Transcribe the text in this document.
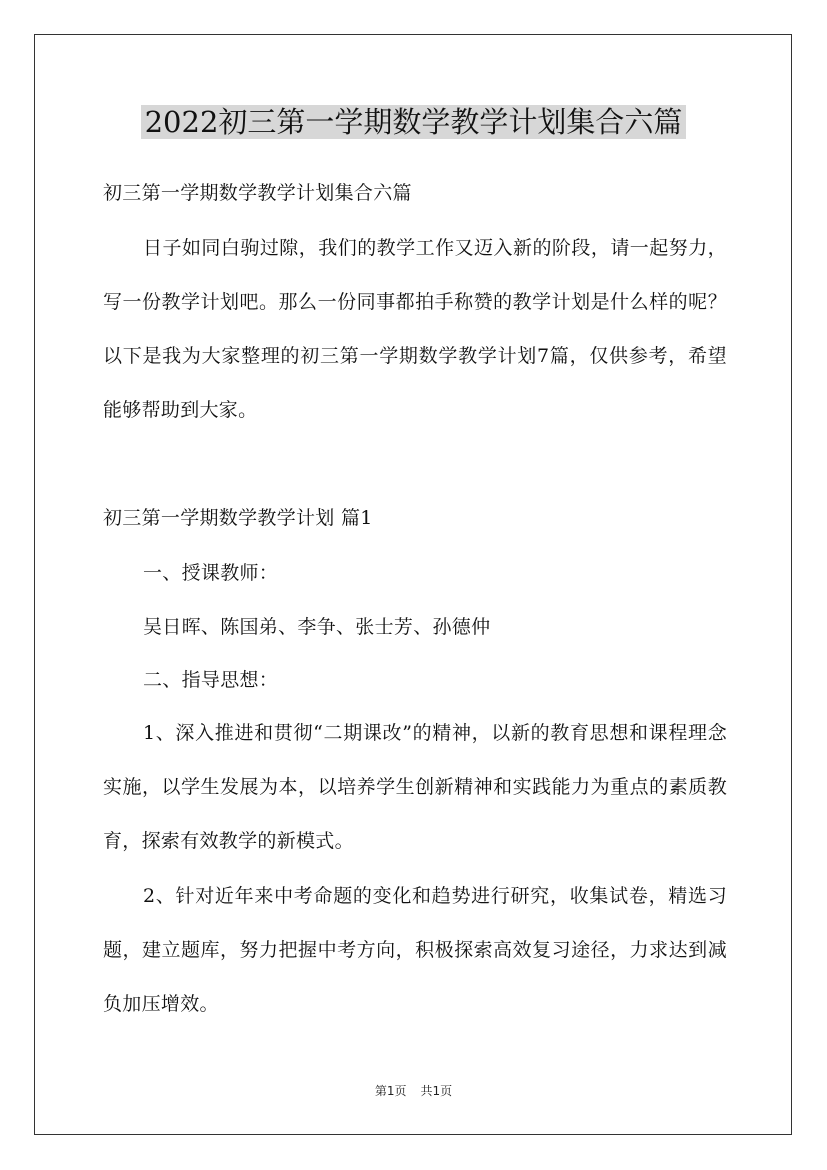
2022初三第一学期数学教学计划集合六篇
初三第一学期数学教学计划集合六篇
日子如同白驹过隙，我们的教学工作又迈入新的阶段，请一起努力，写一份教学计划吧。那么一份同事都拍手称赞的教学计划是什么样的呢？以下是我为大家整理的初三第一学期数学教学计划7篇，仅供参考，希望能够帮助到大家。
初三第一学期数学教学计划 篇1
一、授课教师：
吴日晖、陈国弟、李争、张士芳、孙德仲
二、指导思想：
1、深入推进和贯彻“二期课改”的精神，以新的教育思想和课程理念实施，以学生发展为本，以培养学生创新精神和实践能力为重点的素质教育，探索有效教学的新模式。
2、针对近年来中考命题的变化和趋势进行研究，收集试卷，精选习题，建立题库，努力把握中考方向，积极探索高效复习途径，力求达到减负加压增效。
第1页 共1页
